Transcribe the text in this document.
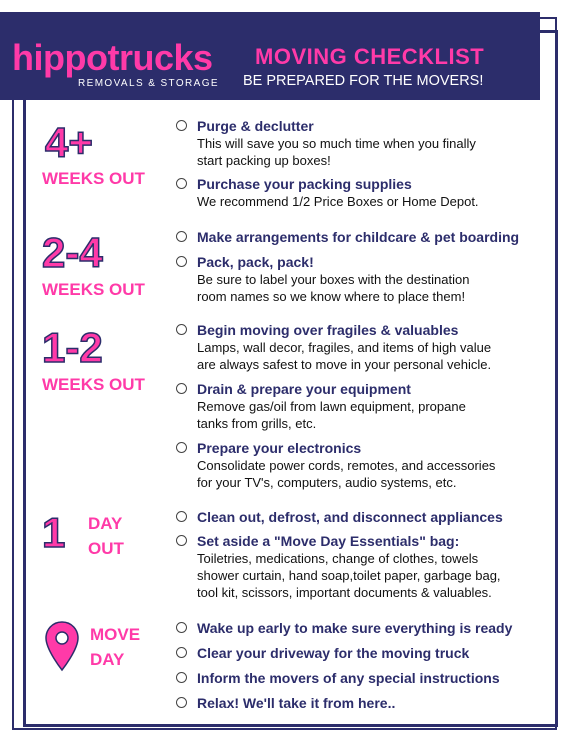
hippotrucks
REMOVALS & STORAGE
MOVING CHECKLIST
BE PREPARED FOR THE MOVERS!
4+
WEEKS OUT
Purge & declutter
This will save you so much time when you finally
start packing up boxes!
Purchase your packing supplies
We recommend 1/2 Price Boxes or Home Depot.
2-4
WEEKS OUT
Make arrangements for childcare & pet boarding
Pack, pack, pack!
Be sure to label your boxes with the destination
room names so we know where to place them!
1-2
WEEKS OUT
Begin moving over fragiles & valuables
Lamps, wall decor, fragiles, and items of high value
are always safest to move in your personal vehicle.
Drain & prepare your equipment
Remove gas/oil from lawn equipment, propane
tanks from grills, etc.
Prepare your electronics
Consolidate power cords, remotes, and accessories
for your TV's, computers, audio systems, etc.
1 DAY
OUT
Clean out, defrost, and disconnect appliances
Set aside a "Move Day Essentials" bag:
Toiletries, medications, change of clothes, towels
shower curtain, hand soap,toilet paper, garbage bag,
tool kit, scissors, important documents & valuables.
MOVE
DAY
Wake up early to make sure everything is ready
Clear your driveway for the moving truck
Inform the movers of any special instructions
Relax! We'll take it from here..
